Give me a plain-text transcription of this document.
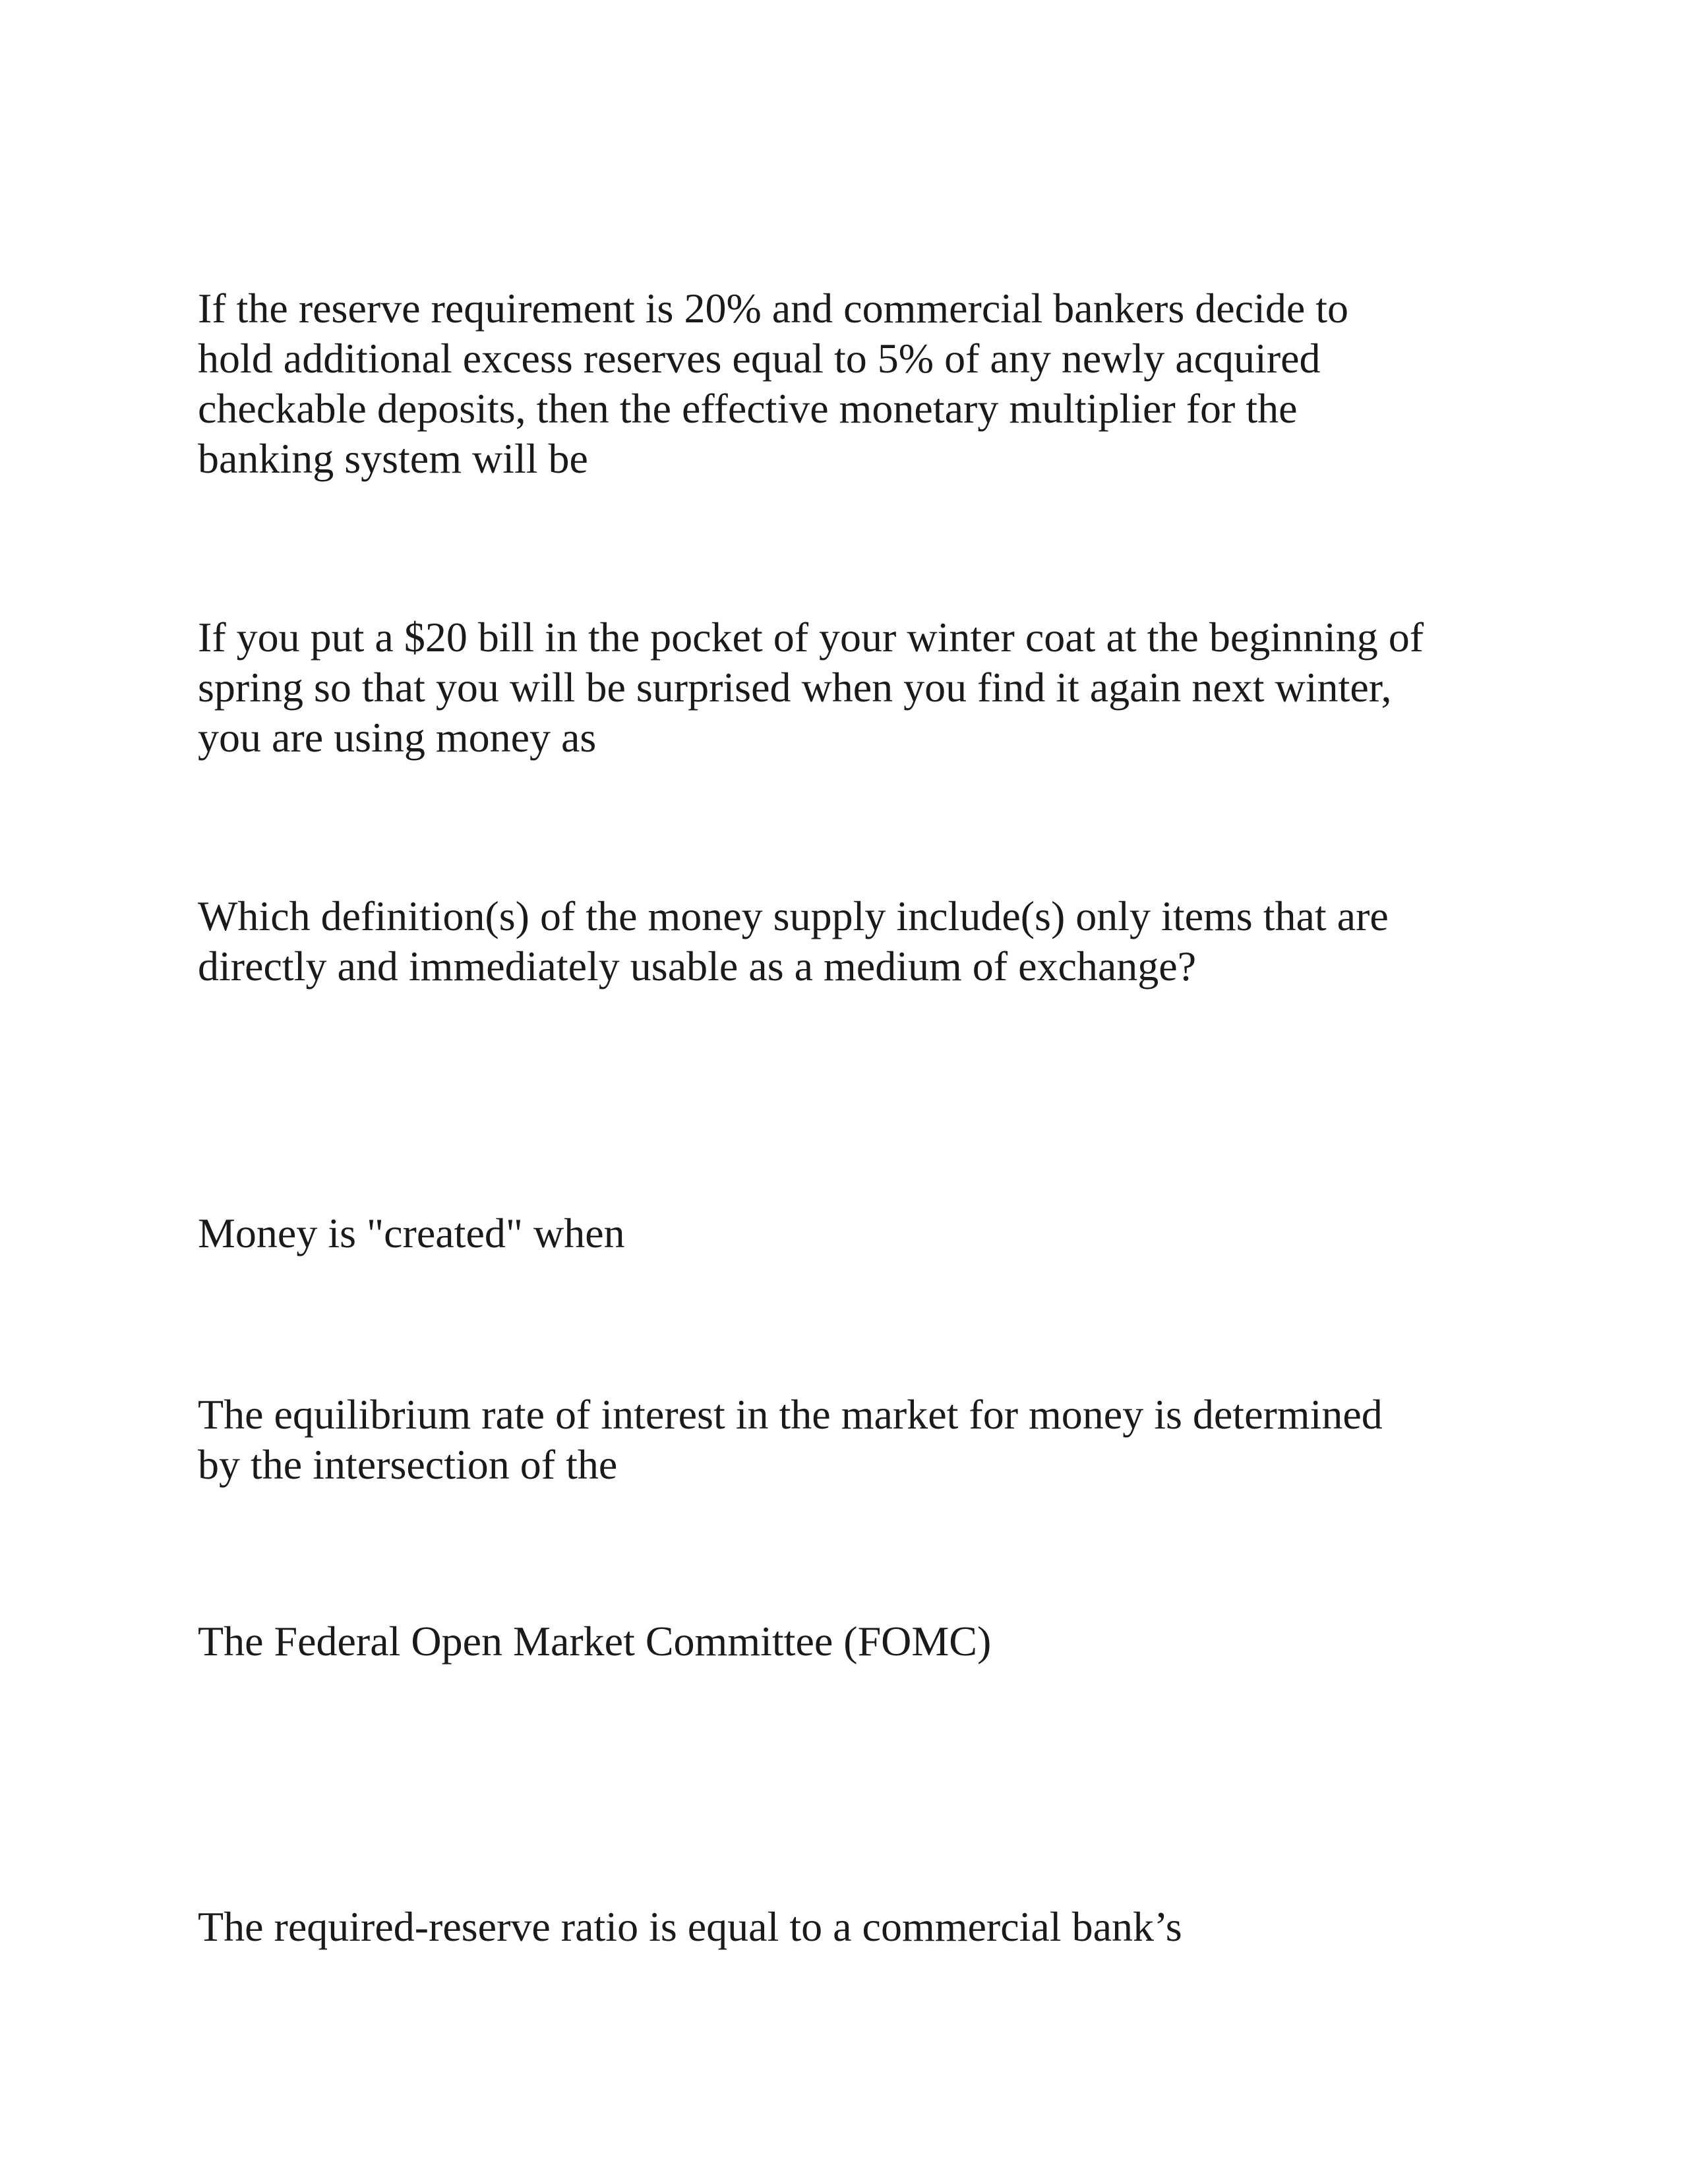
If the reserve requirement is 20% and commercial bankers decide to
hold additional excess reserves equal to 5% of any newly acquired
checkable deposits, then the effective monetary multiplier for the
banking system will be

If you put a $20 bill in the pocket of your winter coat at the beginning of
spring so that you will be surprised when you find it again next winter,
you are using money as

Which definition(s) of the money supply include(s) only items that are
directly and immediately usable as a medium of exchange?

Money is "created" when

The equilibrium rate of interest in the market for money is determined
by the intersection of the

The Federal Open Market Committee (FOMC)

The required-reserve ratio is equal to a commercial bank’s
